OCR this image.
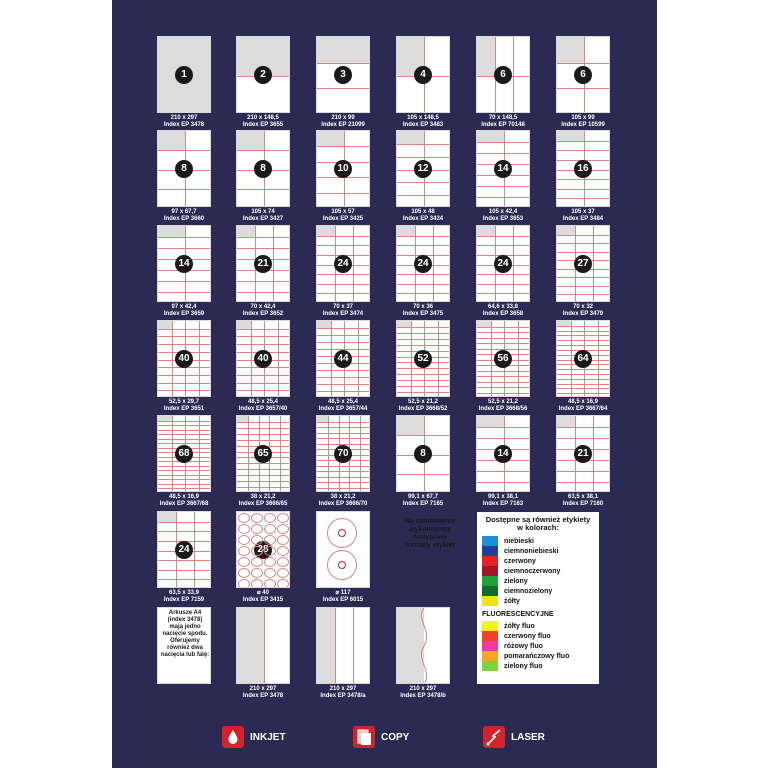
1
210 x 297
Index EP 3478
2
210 x 148,5
Index EP 3655
3
210 x 99
Index EP 21099
4
105 x 148,5
Index EP 3483
6
70 x 148,5
Index EP 70148
6
105 x 99
Index EP 10599
8
97 x 67,7
Index EP 3660
8
105 x 74
Index EP 3427
10
105 x 57
Index EP 3425
12
105 x 48
Index EP 3424
14
105 x 42,4
Index EP 3653
16
105 x 37
Index EP 3484
14
97 x 42,4
Index EP 3659
21
70 x 42,4
Index EP 3652
24
70 x 37
Index EP 3474
24
70 x 36
Index EP 3475
24
64,6 x 33,8
Index EP 3658
27
70 x 32
Index EP 3479
40
52,5 x 29,7
Index EP 3651
40
48,5 x 25,4
Index EP 3657/40
44
48,5 x 25,4
Index EP 3657/44
52
52,5 x 21,2
Index EP 3668/52
56
52,5 x 21,2
Index EP 3668/56
64
48,5 x 16,9
Index EP 3667/64
68
48,5 x 16,9
Index EP 3667/68
65
38 x 21,2
Index EP 3666/65
70
38 x 21,2
Index EP 3666/70
8
99,1 x 67,7
Index EP 7165
14
99,1 x 38,1
Index EP 7163
21
63,5 x 38,1
Index EP 7160
24
63,5 x 33,9
Index EP 7159
28
⌀ 40
Index EP 3415
⌀ 117
Index EP 6015
210 x 297
Index EP 3478
210 x 297
Index EP 3478/a
210 x 297
Index EP 3478/b
Arkusze A4 (index 3478) mają jedno nacięcie spodu. Oferujemy również dwa nacięcia lub falę:
Na zamówienie wykonujemy nietypowe formaty etykiet
Dostępne są również etykiety w kolorach:
niebieski
ciemnoniebieski
czerwony
ciemnoczerwony
zielony
ciemnozielony
żółty
FLUORESCENCYJNE
żółty fluo
czerwony fluo
różowy fluo
pomarańczowy fluo
zielony fluo
INKJET	COPY	LASER
